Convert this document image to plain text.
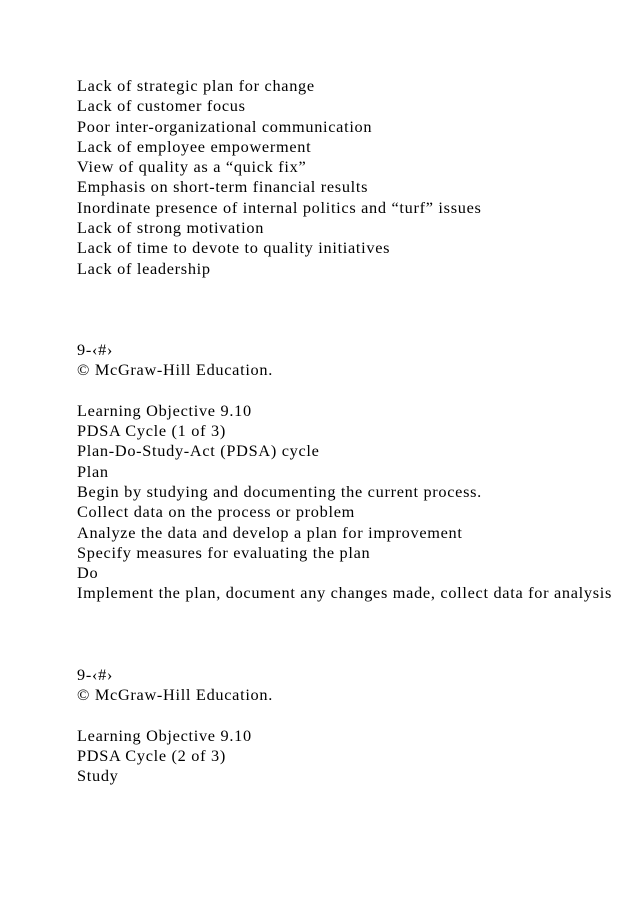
Lack of strategic plan for change
Lack of customer focus
Poor inter-organizational communication
Lack of employee empowerment
View of quality as a “quick fix”
Emphasis on short-term financial results
Inordinate presence of internal politics and “turf” issues
Lack of strong motivation
Lack of time to devote to quality initiatives
Lack of leadership
9-‹#›
© McGraw-Hill Education.
Learning Objective 9.10
PDSA Cycle (1 of 3)
Plan-Do-Study-Act (PDSA) cycle
Plan
Begin by studying and documenting the current process.
Collect data on the process or problem
Analyze the data and develop a plan for improvement
Specify measures for evaluating the plan
Do
Implement the plan, document any changes made, collect data for analysis
9-‹#›
© McGraw-Hill Education.
Learning Objective 9.10
PDSA Cycle (2 of 3)
Study
